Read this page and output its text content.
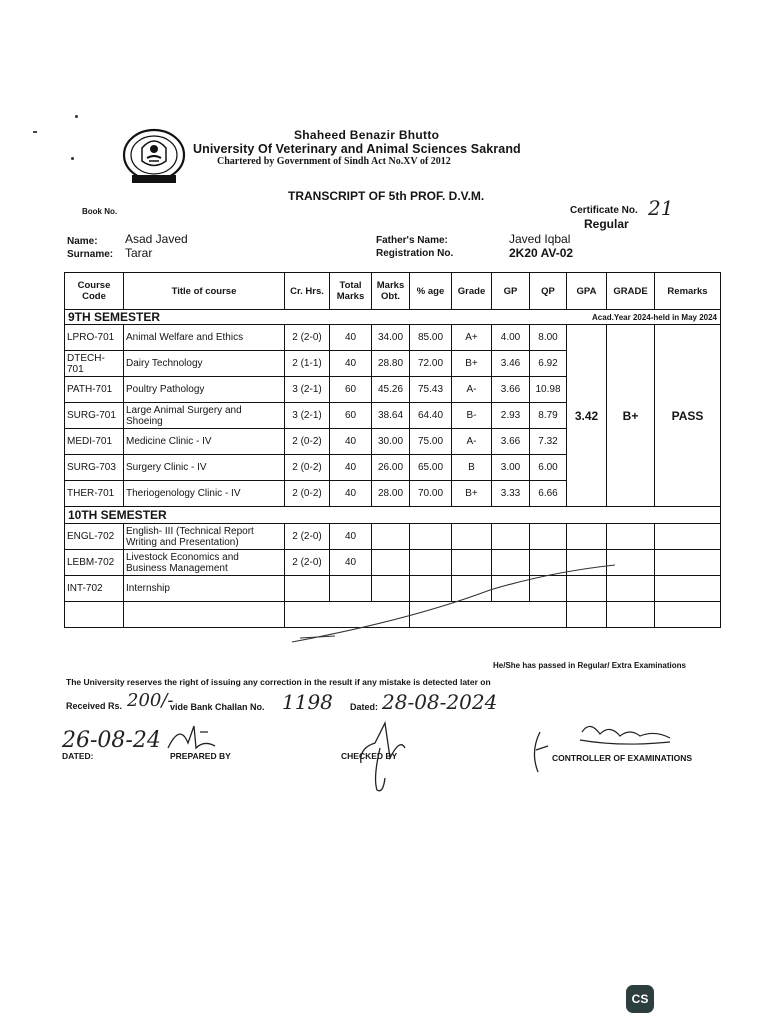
Shaheed Benazir Bhutto
University Of Veterinary and Animal Sciences Sakrand
Chartered by Government of Sindh Act No.XV of 2012
TRANSCRIPT OF 5th PROF. D.V.M.
Book No.	Certificate No. 21
Regular
Name: Asad Javed
Surname: Tarar
Father's Name:	Javed Iqbal
Registration No.	2K20 AV-02
Course Code	Title of course	Cr. Hrs.	Total Marks	Marks Obt.	% age	Grade	GP	QP	GPA	GRADE	Remarks
9TH SEMESTER Acad.Year 2024-held in May 2024											

LPRO-701	Animal Welfare and Ethics	2 (2-0)	40	34.00	85.00	A+	4.00	8.00	3.42	B+	PASS
DTECH-701	Dairy Technology	2 (1-1)	40	28.80	72.00	B+	3.46	6.92			
PATH-701	Poultry Pathology	3 (2-1)	60	45.26	75.43	A-	3.66	10.98			
SURG-701	Large Animal Surgery and Shoeing	3 (2-1)	60	38.64	64.40	B-	2.93	8.79			
MEDI-701	Medicine Clinic - IV	2 (0-2)	40	30.00	75.00	A-	3.66	7.32			
SURG-703	Surgery Clinic - IV	2 (0-2)	40	26.00	65.00	B	3.00	6.00			
THER-701	Theriogenology Clinic - IV	2 (0-2)	40	28.00	70.00	B+	3.33	6.66			
10TH SEMESTER											
ENGL-702	English- III (Technical Report Writing and Presentation)	2 (2-0)	40								
LEBM-702	Livestock Economics and Business Management	2 (2-0)	40								
INT-702	Internship										

He/She has passed in Regular/ Extra Examinations
The University reserves the right of issuing any correction in the result if any mistake is detected later on
Received Rs. 200/-
vide Bank Challan No. 1198 Dated: 28-08-2024
26-08-24
DATED:	PREPARED BY	CHECKED BY	CONTROLLER OF EXAMINATIONS
CS
